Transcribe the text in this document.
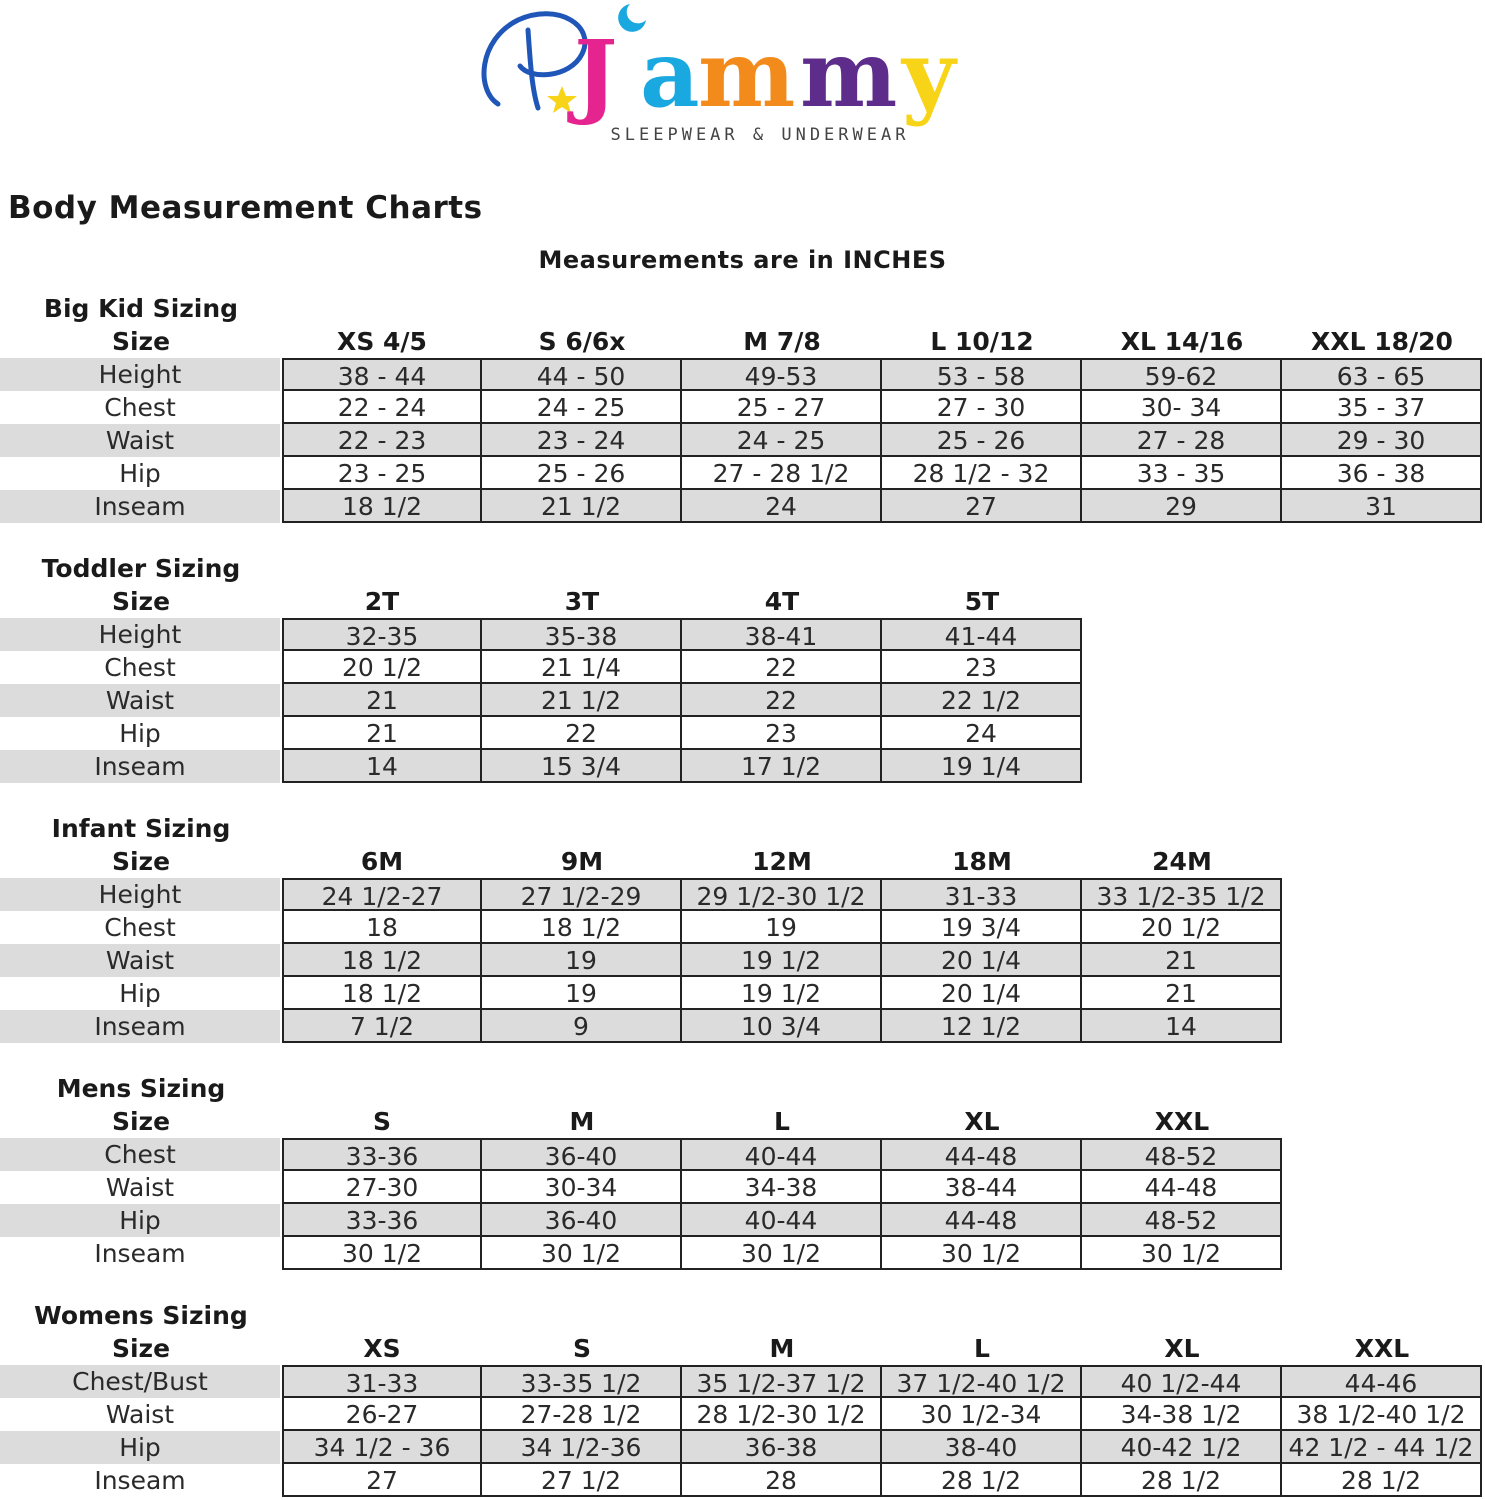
J a
m m y
SLEEPWEAR & UNDERWEAR
Body Measurement Charts
Measurements are in INCHES
Big Kid Sizing
Size	XS 4/5	S 6/6x	M 7/8	L 10/12	XL 14/16	XXL 18/20
Height	38 - 44	44 - 50	49-53	53 - 58	59-62	63 - 65
Chest	22 - 24	24 - 25	25 - 27	27 - 30	30- 34	35 - 37
Waist	22 - 23	23 - 24	24 - 25	25 - 26	27 - 28	29 - 30
Hip	23 - 25	25 - 26	27 - 28 1/2	28 1/2 - 32	33 - 35	36 - 38
Inseam	18 1/2	21 1/2	24	27	29	31
Toddler Sizing
Size	2T	3T	4T	5T
Height	32-35	35-38	38-41	41-44
Chest	20 1/2	21 1/4	22	23
Waist	21	21 1/2	22	22 1/2
Hip	21	22	23	24
Inseam	14	15 3/4	17 1/2	19 1/4
Infant Sizing
Size	6M	9M	12M	18M	24M
Height	24 1/2-27	27 1/2-29	29 1/2-30 1/2	31-33	33 1/2-35 1/2
Chest	18	18 1/2	19	19 3/4	20 1/2
Waist	18 1/2	19	19 1/2	20 1/4	21
Hip	18 1/2	19	19 1/2	20 1/4	21
Inseam	7 1/2	9	10 3/4	12 1/2	14
Mens Sizing
Size	S	M	L	XL	XXL
Chest	33-36	36-40	40-44	44-48	48-52
Waist	27-30	30-34	34-38	38-44	44-48
Hip	33-36	36-40	40-44	44-48	48-52
Inseam	30 1/2	30 1/2	30 1/2	30 1/2	30 1/2
Womens Sizing
Size	XS	S	M	L	XL	XXL
Chest/Bust	31-33	33-35 1/2	35 1/2-37 1/2	37 1/2-40 1/2	40 1/2-44	44-46
Waist	26-27	27-28 1/2	28 1/2-30 1/2	30 1/2-34	34-38 1/2	38 1/2-40 1/2
Hip	34 1/2 - 36	34 1/2-36	36-38	38-40	40-42 1/2	42 1/2 - 44 1/2
Inseam	27	27 1/2	28	28 1/2	28 1/2	28 1/2
